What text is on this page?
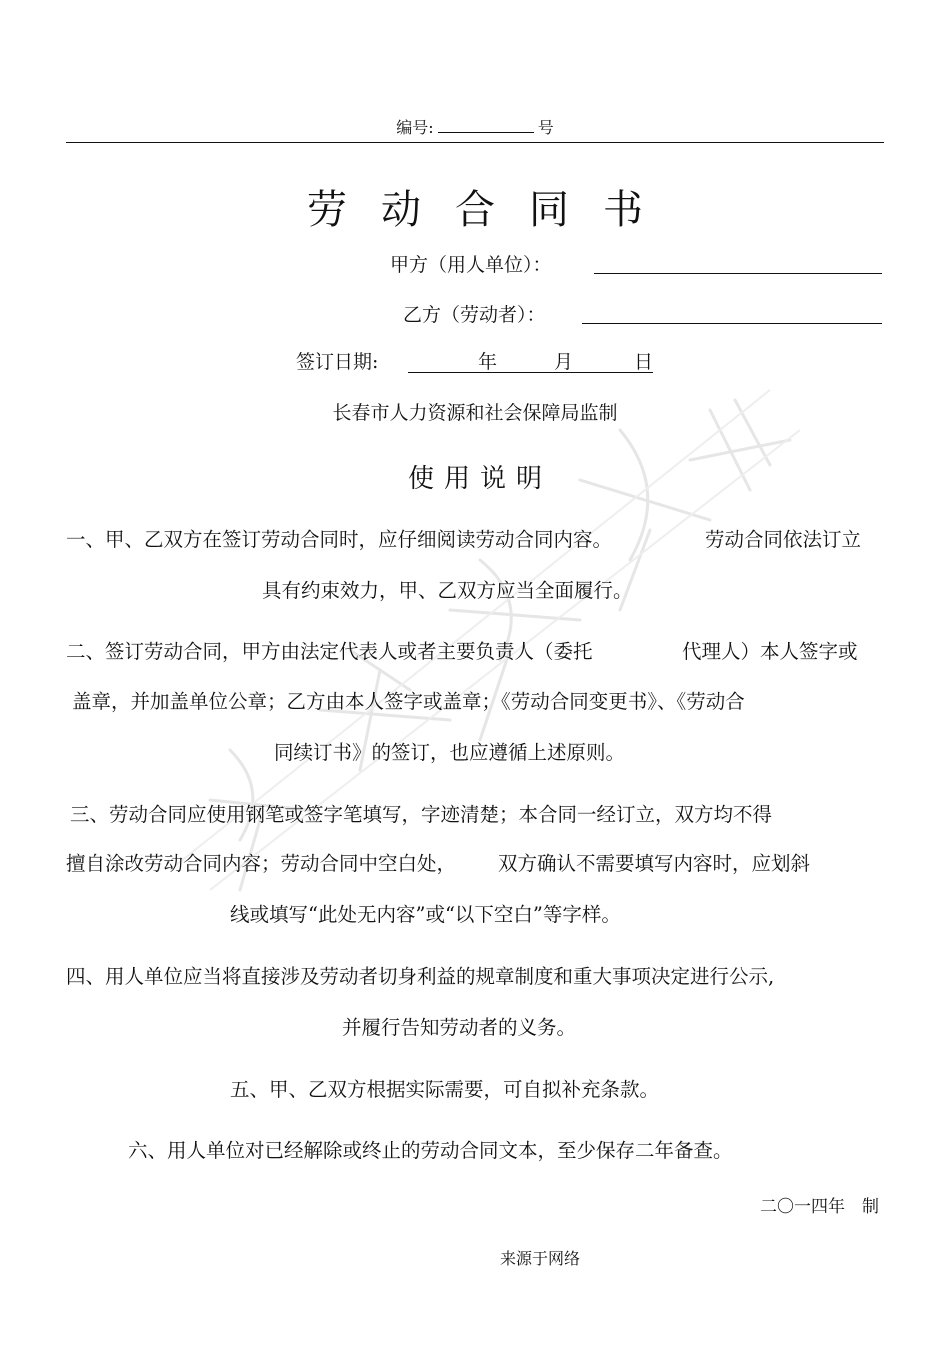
编号:	号
劳动合同书
甲方（用人单位）：
乙方（劳动者）：
签订日期:	年	月	日
长春市人力资源和社会保障局监制
使用说明
一、甲、乙双方在签订劳动合同时，应仔细阅读劳动合同内容。	劳动合同依法订立
具有约束效力，甲、乙双方应当全面履行。
二、签订劳动合同，甲方由法定代表人或者主要负责人（委托	代理人）本人签字或
盖章，并加盖单位公章；乙方由本人签字或盖章；《劳动合同变更书》、《劳动合
同续订书》的签订，也应遵循上述原则。
三、劳动合同应使用钢笔或签字笔填写，字迹清楚；本合同一经订立，双方均不得
擅自涂改劳动合同内容；劳动合同中空白处， 双方确认不需要填写内容时，应划斜
线或填写“此处无内容”或“以下空白”等字样。
四、用人单位应当将直接涉及劳动者切身利益的规章制度和重大事项决定进行公示,
并履行告知劳动者的义务。
五、甲、乙双方根据实际需要，可自拟补充条款。
六、用人单位对已经解除或终止的劳动合同文本，至少保存二年备查。
二〇一四年　制
来源于网络
